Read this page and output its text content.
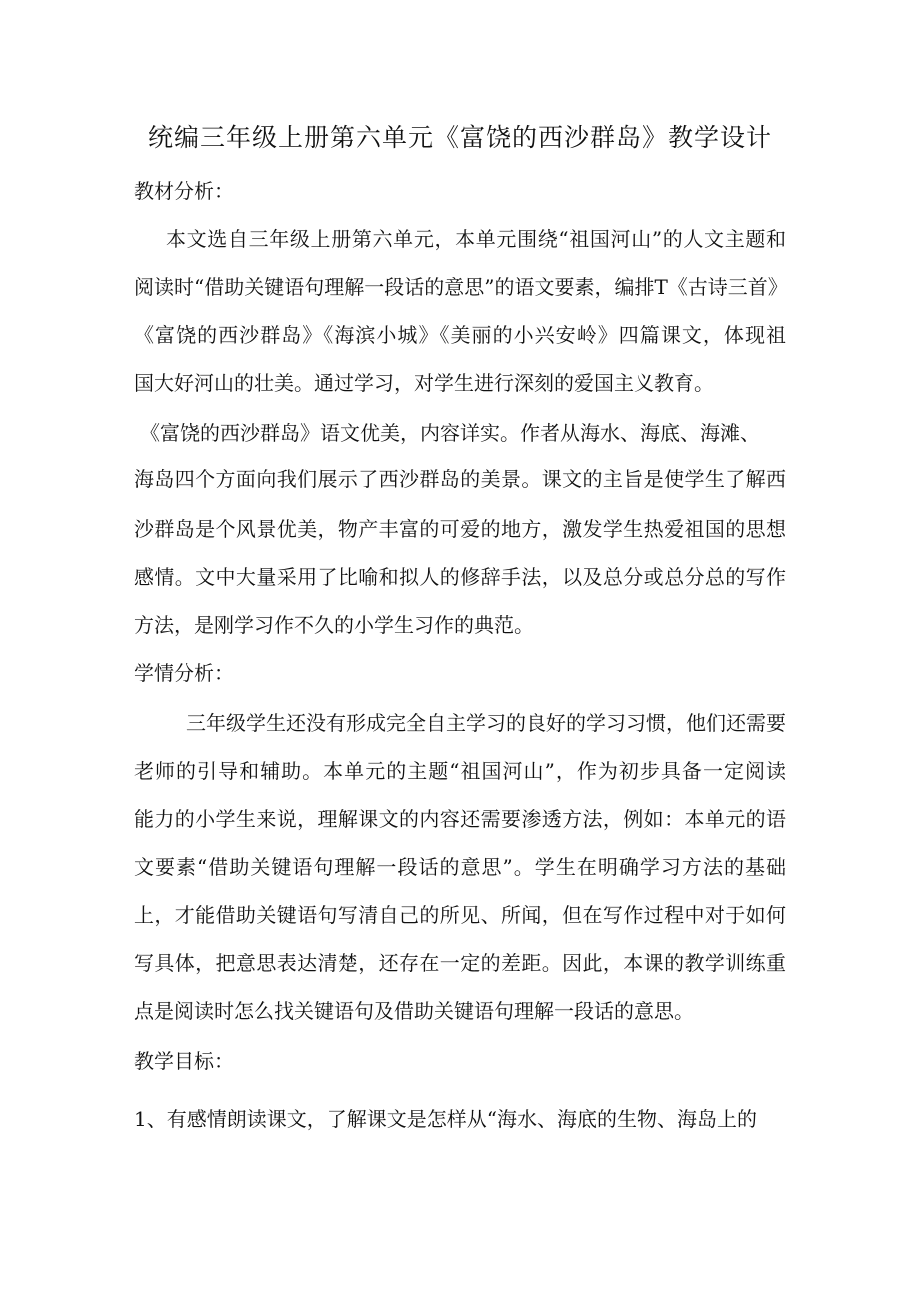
统编三年级上册第六单元《富饶的西沙群岛》教学设计
教材分析：
本文选自三年级上册第六单元，本单元围绕“祖国河山”的人文主题和
阅读时“借助关键语句理解一段话的意思”的语文要素，编排T《古诗三首》
《富饶的西沙群岛》《海滨小城》《美丽的小兴安岭》四篇课文，体现祖
国大好河山的壮美。通过学习，对学生进行深刻的爱国主义教育。
《富饶的西沙群岛》语文优美，内容详实。作者从海水、海底、海滩、
海岛四个方面向我们展示了西沙群岛的美景。课文的主旨是使学生了解西
沙群岛是个风景优美，物产丰富的可爱的地方，激发学生热爱祖国的思想
感情。文中大量采用了比喻和拟人的修辞手法，以及总分或总分总的写作
方法，是刚学习作不久的小学生习作的典范。
学情分析：
三年级学生还没有形成完全自主学习的良好的学习习惯，他们还需要
老师的引导和辅助。本单元的主题“祖国河山”，作为初步具备一定阅读
能力的小学生来说，理解课文的内容还需要渗透方法，例如：本单元的语
文要素“借助关键语句理解一段话的意思”。学生在明确学习方法的基础
上，才能借助关键语句写清自己的所见、所闻，但在写作过程中对于如何
写具体，把意思表达清楚，还存在一定的差距。因此，本课的教学训练重
点是阅读时怎么找关键语句及借助关键语句理解一段话的意思。
教学目标：
1、有感情朗读课文，了解课文是怎样从“海水、海底的生物、海岛上的
